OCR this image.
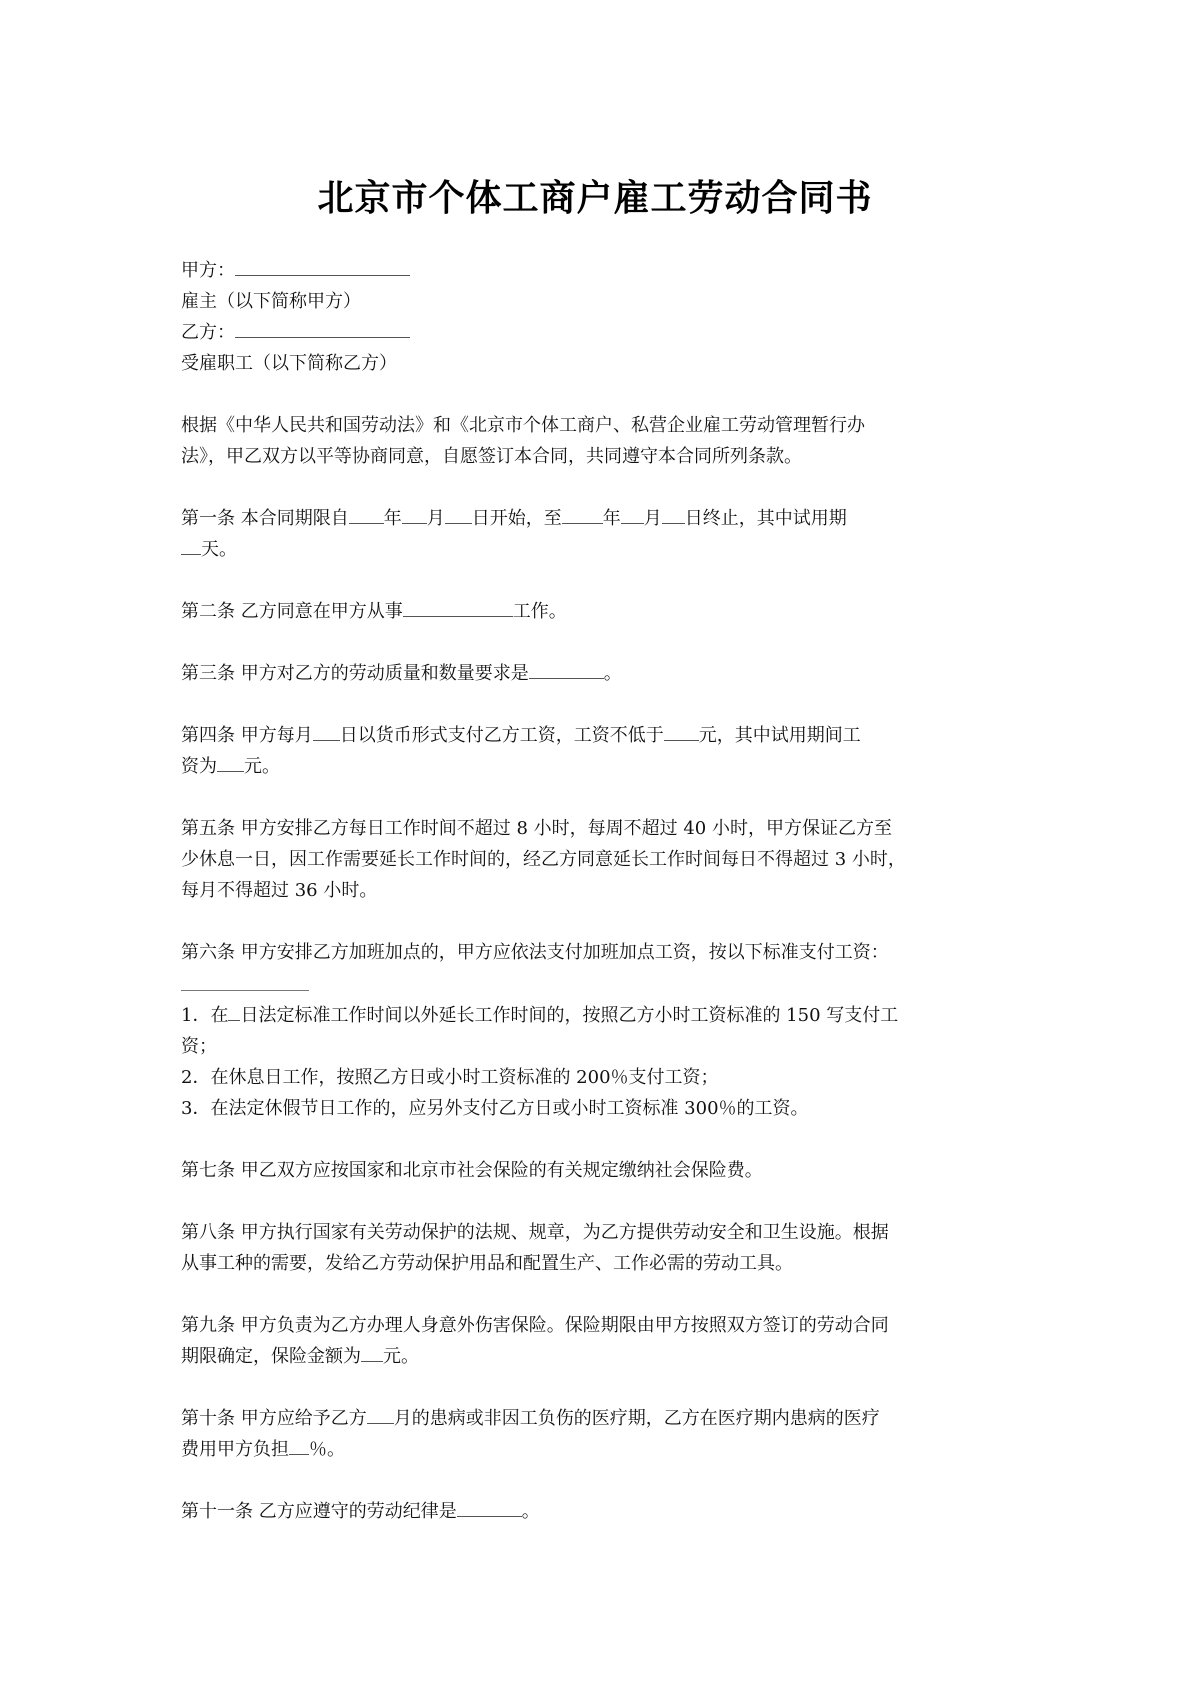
北京市个体工商户雇工劳动合同书
甲方：
雇主（以下简称甲方）
乙方：
受雇职工（以下简称乙方）
根据《中华人民共和国劳动法》和《北京市个体工商户、私营企业雇工劳动管理暂行办
法》，甲乙双方以平等协商同意，自愿签订本合同，共同遵守本合同所列条款。
第一条 本合同期限自 年 月 日开始，至 年 月 日终止，其中试用期
天。
第二条 乙方同意在甲方从事	工作。
第三条 甲方对乙方的劳动质量和数量要求是	。
第四条 甲方每月 日以货币形式支付乙方工资，工资不低于 元，其中试用期间工
资为 元。
第五条 甲方安排乙方每日工作时间不超过 8 小时，每周不超过 40 小时，甲方保证乙方至
少休息一日，因工作需要延长工作时间的，经乙方同意延长工作时间每日不得超过 3 小时，
每月不得超过 36 小时。
第六条 甲方安排乙方加班加点的，甲方应依法支付加班加点工资，按以下标准支付工资：
1．在 日法定标准工作时间以外延长工作时间的，按照乙方小时工资标准的 150 写支付工
资；
2．在休息日工作，按照乙方日或小时工资标准的 200％支付工资；
3．在法定休假节日工作的，应另外支付乙方日或小时工资标准 300％的工资。
第七条 甲乙双方应按国家和北京市社会保险的有关规定缴纳社会保险费。
第八条 甲方执行国家有关劳动保护的法规、规章，为乙方提供劳动安全和卫生设施。根据
从事工种的需要，发给乙方劳动保护用品和配置生产、工作必需的劳动工具。
第九条 甲方负责为乙方办理人身意外伤害保险。保险期限由甲方按照双方签订的劳动合同
期限确定，保险金额为 元。
第十条 甲方应给予乙方 月的患病或非因工负伤的医疗期，乙方在医疗期内患病的医疗
费用甲方负担 ％。
第十一条 乙方应遵守的劳动纪律是	。
